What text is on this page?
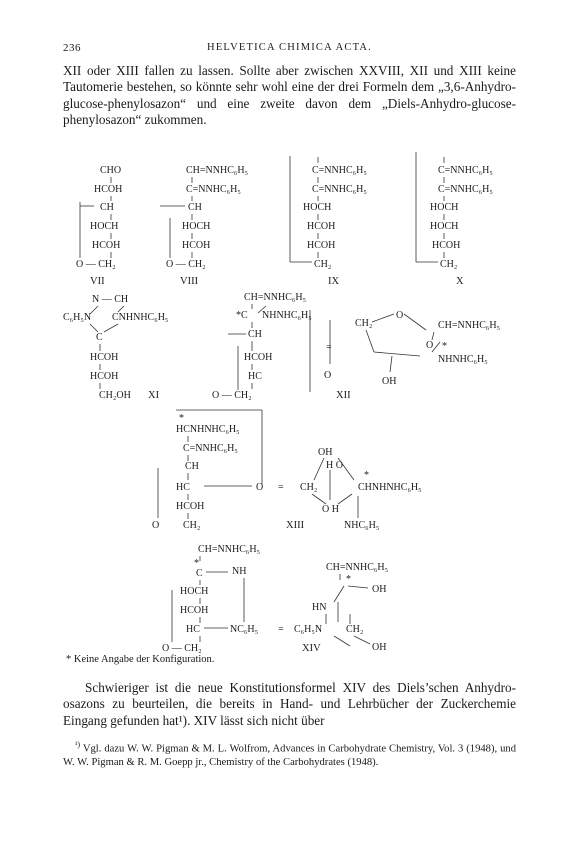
236	HELVETICA CHIMICA ACTA.

XII oder XIII fallen zu lassen. Sollte aber zwischen XXVIII, XII und XIII keine Tautomerie bestehen, so könnte sehr wohl eine der drei Formeln dem „3,6-Anhydro-glucose-phenylosazon“ und eine zweite davon dem „Diels-Anhydro-glucose-phenylosazon“ zukommen.

CHO
HCOH
CH
HOCH
HCOH
O — CH₂
VII
CH=NNHC₆H₅
C=NNHC₆H₅
CH
HOCH
HCOH
O — CH₂
VIII
C=NNHC₆H₅
C=NNHC₆H₅
HOCH
HCOH
HCOH
CH₂
IX
C=NNHC₆H₅
C=NNHC₆H₅
HOCH
HOCH
HCOH
CH₂
X
N — CH
C₆H₅N CNHNHC₆H₅
C
HCOH
HCOH
CH₂OH XI
CH=NNHC₆H₅
*C NHNHC₆H₅
CH
HCOH
HC
O — CH₂
CH₂
O
CH=NNHC₆H₅
O *
NHNHC₆H₅
O
OH
=
XII
*
HCNHNHC₆H₅
C=NNHC₆H₅
CH
HC	O
HCOH
O CH₂
=
OH
H O
CH₂
*
CHNHNHC₆H₅
O H
NHC₆H₅
XIII
CH=NNHC₆H₅
*
C	NH
HOCH
HCOH
HC	NC₆H₅
O — CH₂
=
CH=NNHC₆H₅
*
OH
HN
C₆H₅N CH₂
OH
XIV
* Keine Angabe der Konfiguration.

Schwieriger ist die neue Konstitutionsformel XIV des Diels’schen Anhydro-osazons zu beurteilen, die bereits in Hand- und Lehrbücher der Zuckerchemie Eingang gefunden hat¹). XIV lässt sich nicht über

$^{^1)}$ Vgl. dazu W. W. Pigman & M. L. Wolfrom, Advances in Carbohydrate Chemistry, Vol. 3 (1948), und W. W. Pigman & R. M. Goepp jr., Chemistry of the Carbohydrates (1948).
